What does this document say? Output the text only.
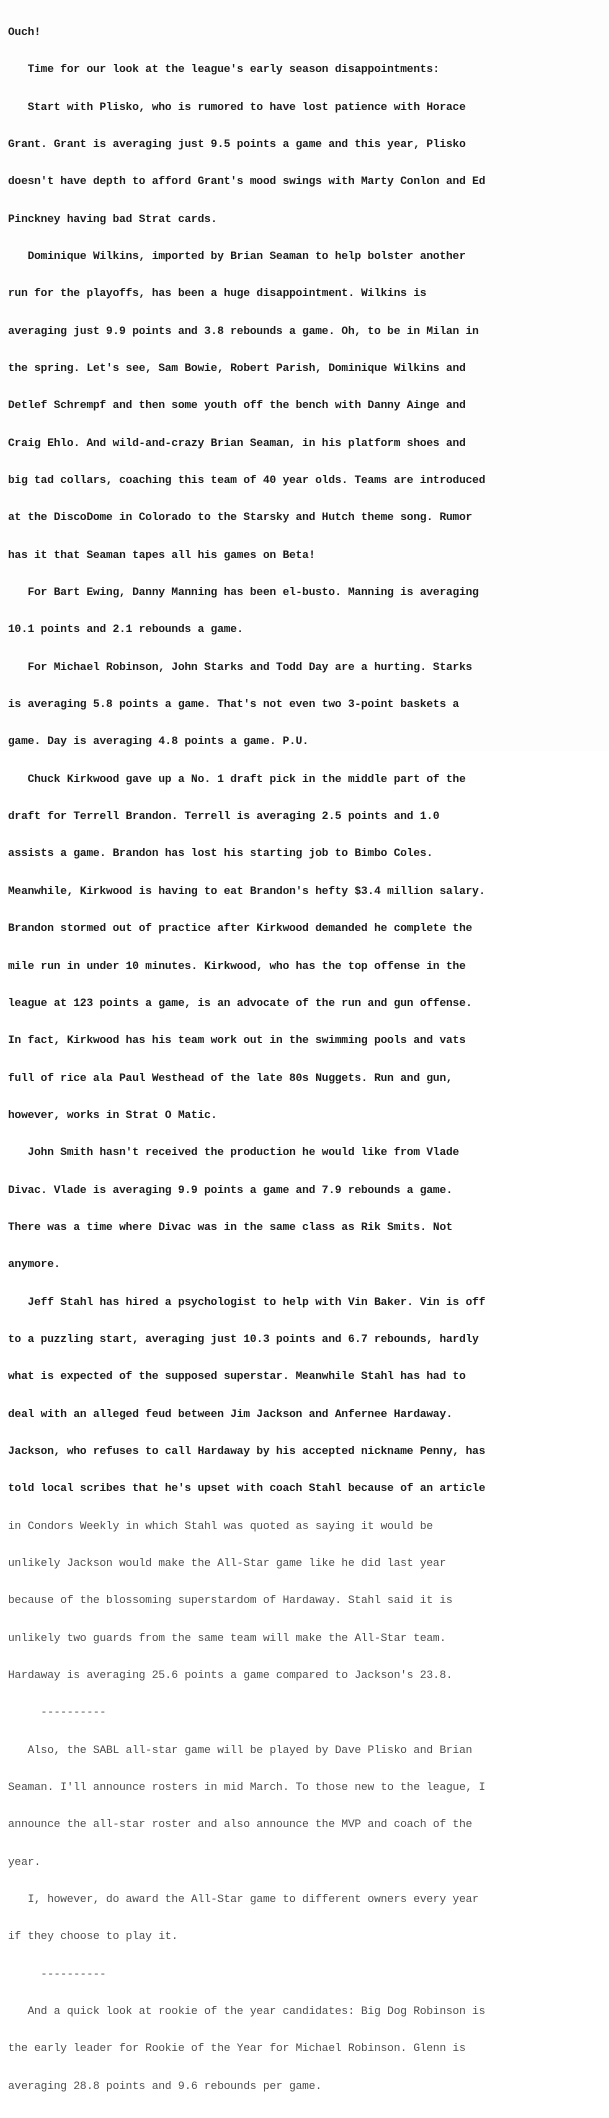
Ouch!

Time for our look at the league's early season disappointments:

Start with Plisko, who is rumored to have lost patience with Horace

Grant. Grant is averaging just 9.5 points a game and this year, Plisko

doesn't have depth to afford Grant's mood swings with Marty Conlon and Ed

Pinckney having bad Strat cards.

Dominique Wilkins, imported by Brian Seaman to help bolster another

run for the playoffs, has been a huge disappointment. Wilkins is

averaging just 9.9 points and 3.8 rebounds a game. Oh, to be in Milan in

the spring. Let's see, Sam Bowie, Robert Parish, Dominique Wilkins and

Detlef Schrempf and then some youth off the bench with Danny Ainge and

Craig Ehlo. And wild-and-crazy Brian Seaman, in his platform shoes and

big tad collars, coaching this team of 40 year olds. Teams are introduced

at the DiscoDome in Colorado to the Starsky and Hutch theme song. Rumor

has it that Seaman tapes all his games on Beta!

For Bart Ewing, Danny Manning has been el-busto. Manning is averaging

10.1 points and 2.1 rebounds a game.

For Michael Robinson, John Starks and Todd Day are a hurting. Starks

is averaging 5.8 points a game. That's not even two 3-point baskets a

game. Day is averaging 4.8 points a game. P.U.

Chuck Kirkwood gave up a No. 1 draft pick in the middle part of the

draft for Terrell Brandon. Terrell is averaging 2.5 points and 1.0

assists a game. Brandon has lost his starting job to Bimbo Coles.

Meanwhile, Kirkwood is having to eat Brandon's hefty $3.4 million salary.

Brandon stormed out of practice after Kirkwood demanded he complete the

mile run in under 10 minutes. Kirkwood, who has the top offense in the

league at 123 points a game, is an advocate of the run and gun offense.

In fact, Kirkwood has his team work out in the swimming pools and vats

full of rice ala Paul Westhead of the late 80s Nuggets. Run and gun,

however, works in Strat O Matic.

John Smith hasn't received the production he would like from Vlade

Divac. Vlade is averaging 9.9 points a game and 7.9 rebounds a game.

There was a time where Divac was in the same class as Rik Smits. Not

anymore.

Jeff Stahl has hired a psychologist to help with Vin Baker. Vin is off

to a puzzling start, averaging just 10.3 points and 6.7 rebounds, hardly

what is expected of the supposed superstar. Meanwhile Stahl has had to

deal with an alleged feud between Jim Jackson and Anfernee Hardaway.

Jackson, who refuses to call Hardaway by his accepted nickname Penny, has

told local scribes that he's upset with coach Stahl because of an article

in Condors Weekly in which Stahl was quoted as saying it would be

unlikely Jackson would make the All-Star game like he did last year

because of the blossoming superstardom of Hardaway. Stahl said it is

unlikely two guards from the same team will make the All-Star team.

Hardaway is averaging 25.6 points a game compared to Jackson's 23.8.

----------

Also, the SABL all-star game will be played by Dave Plisko and Brian

Seaman. I'll announce rosters in mid March. To those new to the league, I

announce the all-star roster and also announce the MVP and coach of the

year.

I, however, do award the All-Star game to different owners every year

if they choose to play it.

----------

And a quick look at rookie of the year candidates: Big Dog Robinson is

the early leader for Rookie of the Year for Michael Robinson. Glenn is

averaging 28.8 points and 9.6 rebounds per game.
